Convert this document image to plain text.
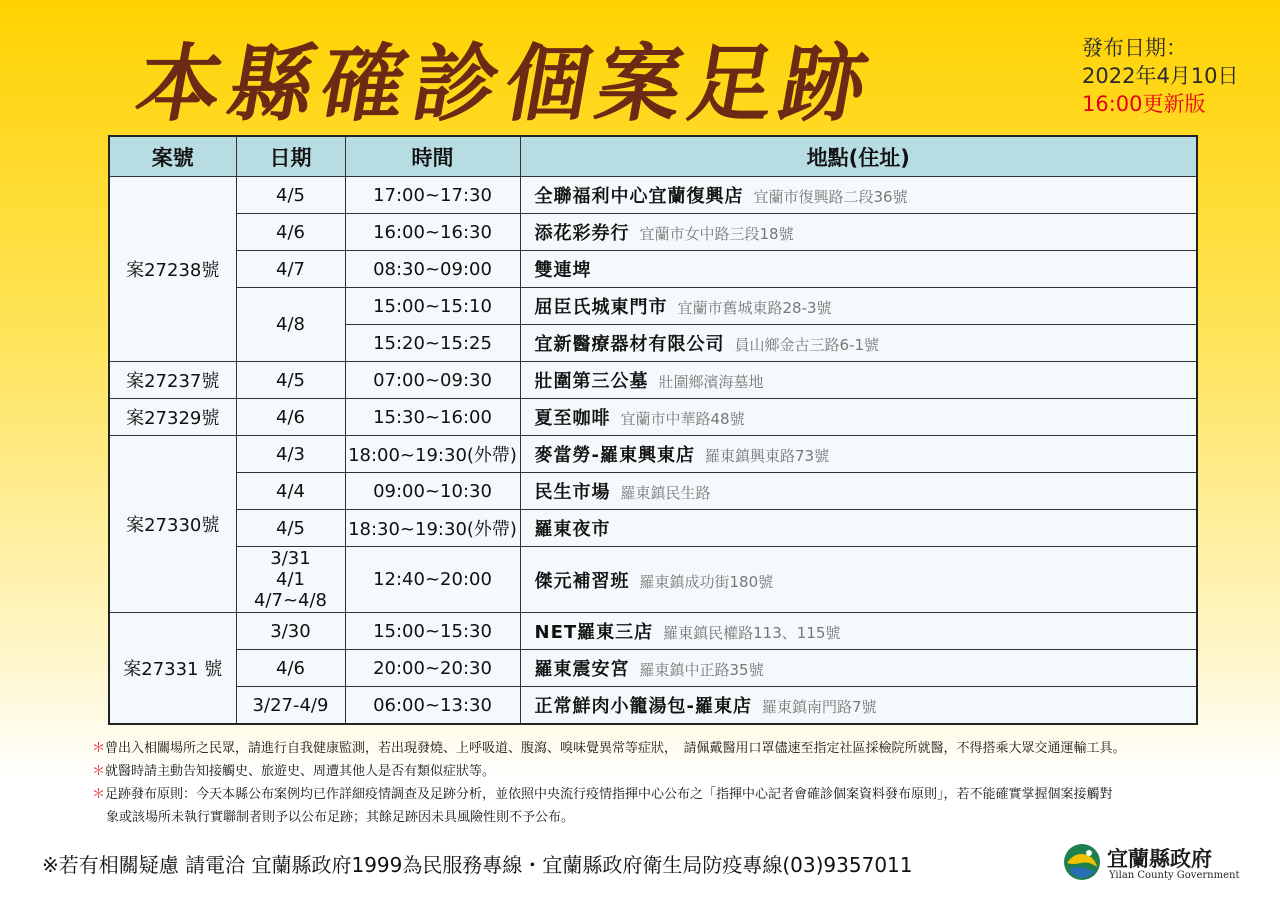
本縣確診個案足跡	發布日期：
2022年4月10日
16:00更新版
案號	日期	時間	地點(住址)
案27238號	4/5	17:00~17:30	全聯福利中心宜蘭復興店 宜蘭市復興路二段36號
	4/6	16:00~16:30	添花彩券行 宜蘭市女中路三段18號
	4/7	08:30~09:00	雙連埤
	4/8	15:00~15:10	屈臣氏城東門市 宜蘭市舊城東路28-3號
		15:20~15:25	宜新醫療器材有限公司 員山鄉金古三路6-1號
案27237號	4/5	07:00~09:30	壯圍第三公墓 壯圍鄉濱海墓地
案27329號	4/6	15:30~16:00	夏至咖啡 宜蘭市中華路48號
案27330號	4/3	18:00~19:30(外帶)	麥當勞-羅東興東店 羅東鎮興東路73號
	4/4	09:00~10:30	民生市場 羅東鎮民生路
	4/5	18:30~19:30(外帶)	羅東夜市

	3/31
4/1
4/7~4/8	12:40~20:00	傑元補習班 羅東鎮成功街180號
案27331 號	3/30	15:00~15:30	NET羅東三店 羅東鎮民權路113、115號
	4/6	20:00~20:30	羅東震安宮 羅東鎮中正路35號
	3/27-4/9	06:00~13:30	正常鮮肉小籠湯包-羅東店 羅東鎮南門路7號
＊曾出入相關場所之民眾，請進行自我健康監測，若出現發燒、上呼吸道、腹瀉、嗅味覺異常等症狀，　請佩戴醫用口罩儘速至指定社區採檢院所就醫，不得搭乘大眾交通運輸工具。
＊就醫時請主動告知接觸史、旅遊史、周遭其他人是否有類似症狀等。
＊足跡發布原則：今天本縣公布案例均已作詳細疫情調查及足跡分析，並依照中央流行疫情指揮中心公布之「指揮中心記者會確診個案資料發布原則」，若不能確實掌握個案接觸對
象或該場所未執行實聯制者則予以公布足跡；其餘足跡因未具風險性則不予公布。
※若有相關疑慮 請電洽 宜蘭縣政府1999為民服務專線・宜蘭縣政府衛生局防疫專線(03)9357011	宜蘭縣政府
Yilan County Government
